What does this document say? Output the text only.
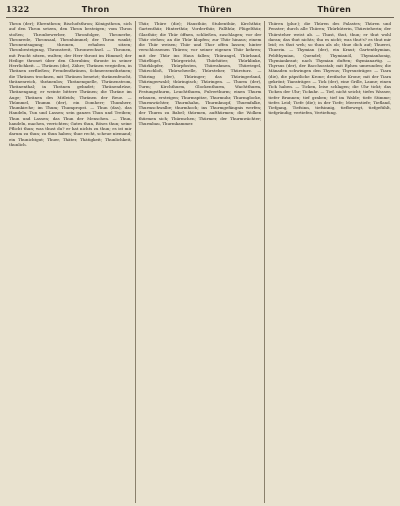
1322	Thron	Thüren	Thüren

Thron (der); Ehrenthron; Bischofsthron; Königsthron, sich auf den Thron setzen, den Thron besteigen; vom Thron stoßen; Thronbewerber, Thronfolger, Thronerbe, Thronrede, Thronsaal, Thronhimmel; der Thron wankt; Thronentsagung; thronen, erhaben sitzen; Thronbesteigung, Thronstreit, Thronwechsel. — Thronen, mit Pracht sitzen, walten; der Herr thront im Himmel; der Heilige thronet über den Cherubim; thronte in seiner Herrlichkeit. — Thränen (die), Zähre; Thränen vergießen, in Thränen zerfließen; Freudenthränen, Schmerzensthränen; die Thränen trocknen, mit Thränen benetzt; thränenfeucht, thränenreich, thränenlos; Thränenquelle, Thränenstrom, Thränenthal; in Thränen gebadet; Thränendrüse, Thränengang; er weinte bittere Thränen; die Thräne im Auge; Thränen des Mitleids; Thränen der Reue. — Thümmel, Thumm (der), ein Domherr; Thumherr, Thumkirche; im Thum; Thumpropst. — Thun (das), das Handeln, Tun und Lassen; sein ganzes Thun und Treiben; Thun und Lassen; das Thun der Menschen. — Thun, handeln, machen, verrichten; Gutes thun, Böses thun; seine Pflicht thun; was thust du? er hat nichts zu thun; es ist mir darum zu thun; zu thun haben; thue recht, scheue niemand; ein Thunichtgut; Thuer, Thäter, Thätigkeit; Thunlichkeit, thunlich.

Thür, Thüre (die); Hausthür, Stubenthür, Kirchthür, Gartenthür, Hinterthür, Vorderthür, Fallthür, Flügelthür, Glasthür; die Thür öffnen, schließen, zuschlagen; vor der Thür stehen; an die Thür klopfen; zur Thür hinaus; einem die Thür weisen; Thür und Thor offen lassen; hinter verschlossenen Thüren; vor seiner eigenen Thür kehren; mit der Thür ins Haus fallen; Thürangel, Thürband, Thürflügel, Thürgericht, Thürhüter, Thürklinke, Thürklopfer, Thürpfosten, Thürrahmen, Thürriegel, Thürschloß, Thürschwelle, Thürsteher, Thürsturz. — Thüring (der), Thüringer; das Thüringerland, Thüringerwald; thüringisch; Thüringen. — Thurm (der), Turm; Kirchthurm, Glockenthurm, Wachtthurm, Festungsthurm, Leuchtthurm, Pulverthurm; einen Thurm erbauen, ersteigen; Thurmspitze, Thurmuhr, Thurmglocke, Thurmwächter, Thurmhahn, Thurmknopf, Thurmfalke, Thurmschwalbe; thurmhoch; ins Thurmgefängnis werfen; der Thurm zu Babel; thürmen, aufthürmen; die Wolken thürmen sich; Thürmchen; Thürmer, der Thurmwächter; Thurmbau, Thurmkammer.

Thüren (plur.); die Thüren des Palastes; Thüren und Fenster; durch alle Thüren; Thürhüterin, Thürsteherin; der Thürsteher weist ab. — Thust, thut, thun; er thut wohl daran; das thut nichts; thu es nicht; was thut's? es thut mir leid; es thut weh; so thun als ob; thue dich auf; Thuerei, Thuerin. — Thymian (der), ein Kraut; Gartenthymian, Feldthymian, Quendel; Thymianöl, Thymianhonig, Thymiankraut; nach Thymian duften; thymianartig. — Thyrsus (der), der Bacchusstab; mit Epheu umwunden; die Mänaden schwingen den Thyrsus; Thyrsusträger. — Tiara (die), die päpstliche Krone; dreifache Krone; mit der Tiara gekrönt; Tiaraträger. — Tick (der), eine Grille, Laune; einen Tick haben. — Ticken, leise schlagen; die Uhr tickt; das Ticken der Uhr; Tickuhr. — Tief, nicht seicht; tiefes Wasser, tiefer Brunnen; tief graben; tief im Walde; tiefe Stimme; tiefes Leid; Tiefe (die); in der Tiefe; Meerestiefe; Tiefland, Tiefgang, Tiefsinn, tiefsinnig, tiefbewegt, tiefgefühlt, tiefgründig; vertiefen, Vertiefung.
